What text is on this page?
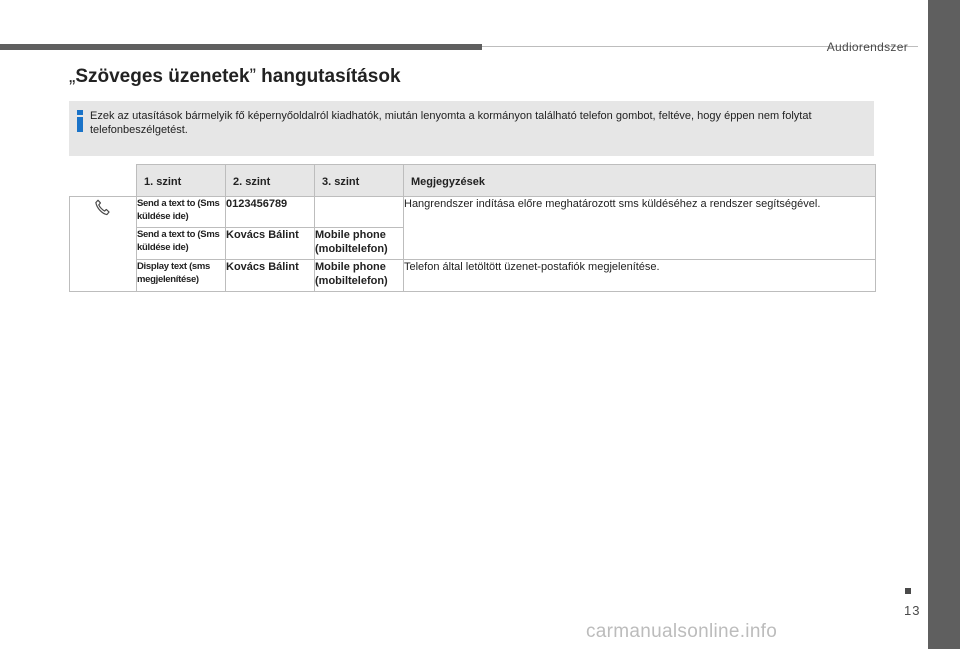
Audiorendszer
„Szöveges üzenetek” hangutasítások
Ezek az utasítások bármelyik fő képernyőoldalról kiadhatók, miután lenyomta a kormányon található telefon gombot, feltéve, hogy éppen nem folytat telefonbeszélgetést.
	1. szint	2. szint	3. szint	Megjegyzések
	Send a text to (Sms küldése ide)	0123456789		Hangrendszer indítása előre meghatározott sms küldéséhez a rendszer segítségével.
	Send a text to (Sms küldése ide)	Kovács Bálint	Mobile phone (mobiltelefon)	
	Display text (sms megjelenítése)	Kovács Bálint	Mobile phone (mobiltelefon)	Telefon által letöltött üzenet-postafiók megjelenítése.
13
carmanualsonline.info
